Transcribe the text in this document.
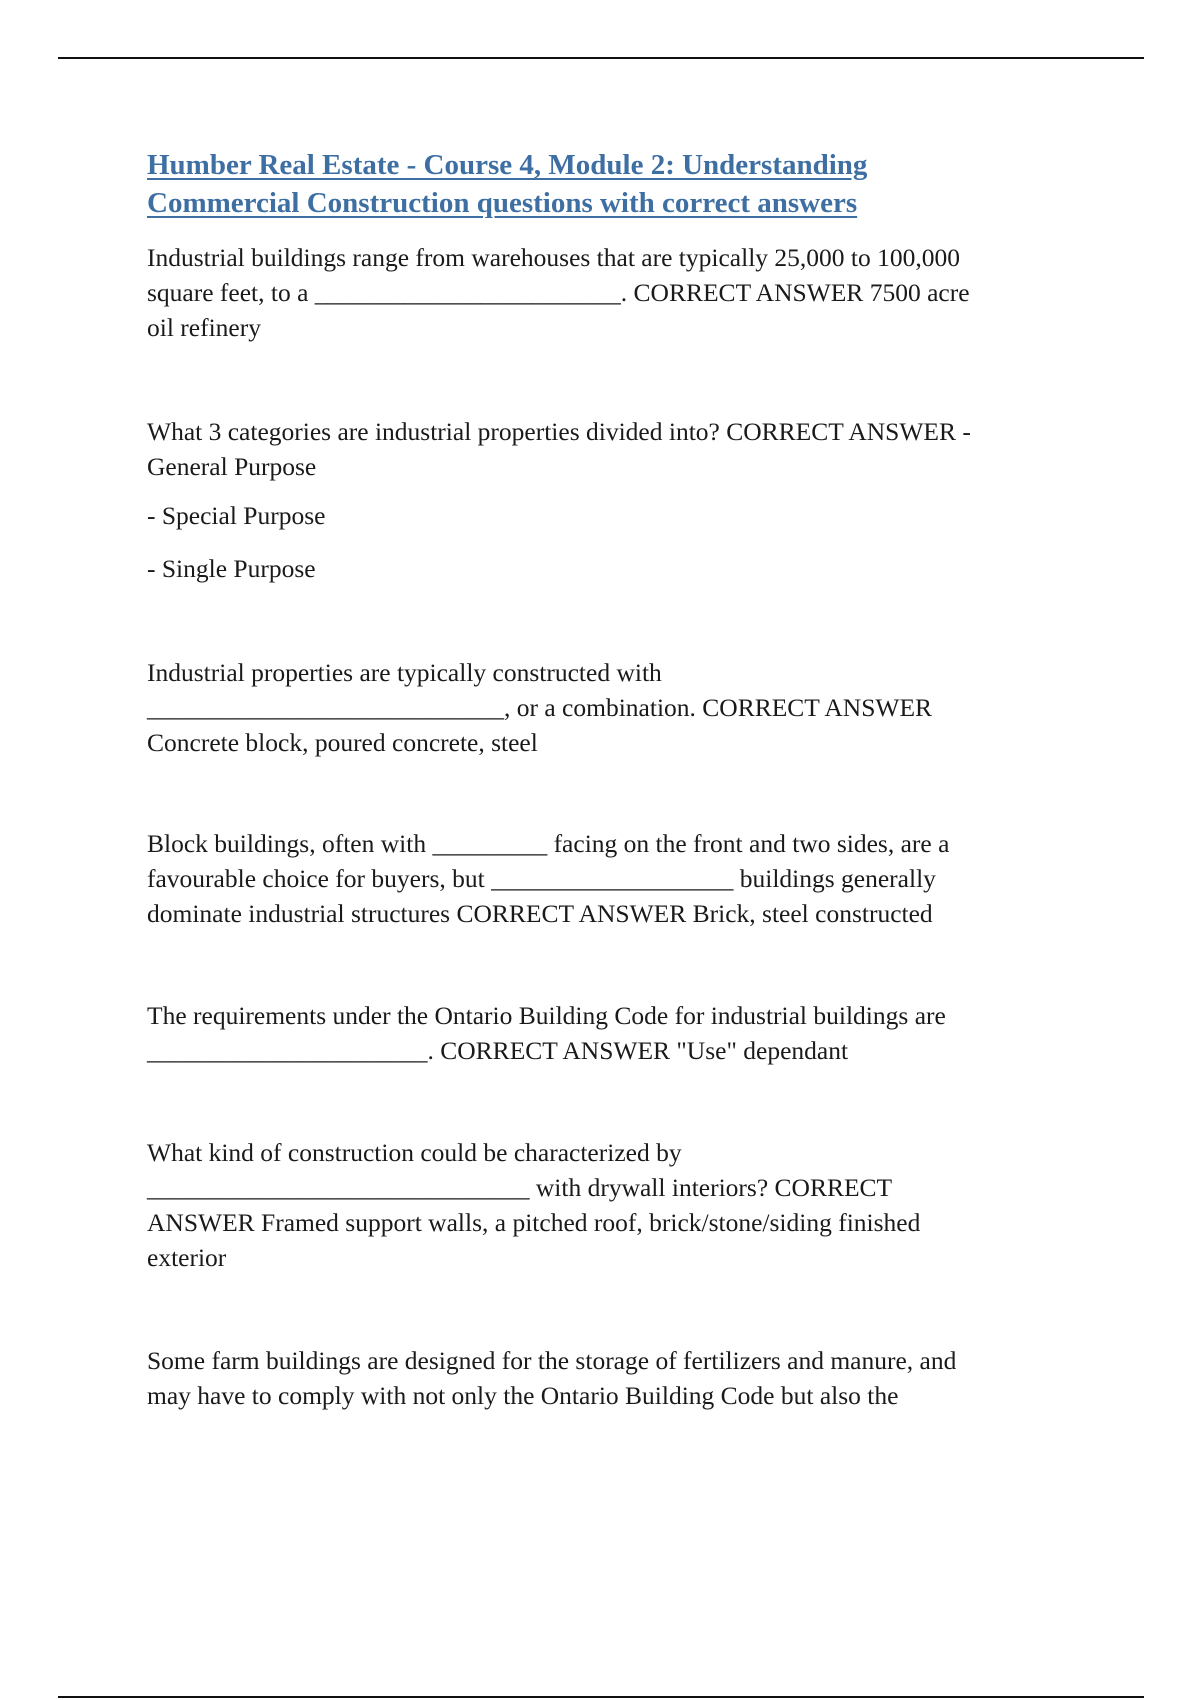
Humber Real Estate - Course 4, Module 2: Understanding
Commercial Construction questions with correct answers
Industrial buildings range from warehouses that are typically 25,000 to 100,000
square feet, to a ________________________. CORRECT ANSWER 7500 acre
oil refinery
What 3 categories are industrial properties divided into? CORRECT ANSWER -
General Purpose
- Special Purpose
- Single Purpose
Industrial properties are typically constructed with
____________________________, or a combination. CORRECT ANSWER
Concrete block, poured concrete, steel
Block buildings, often with _________ facing on the front and two sides, are a
favourable choice for buyers, but ___________________ buildings generally
dominate industrial structures CORRECT ANSWER Brick, steel constructed
The requirements under the Ontario Building Code for industrial buildings are
______________________. CORRECT ANSWER "Use" dependant
What kind of construction could be characterized by
______________________________ with drywall interiors? CORRECT
ANSWER Framed support walls, a pitched roof, brick/stone/siding finished
exterior
Some farm buildings are designed for the storage of fertilizers and manure, and
may have to comply with not only the Ontario Building Code but also the
